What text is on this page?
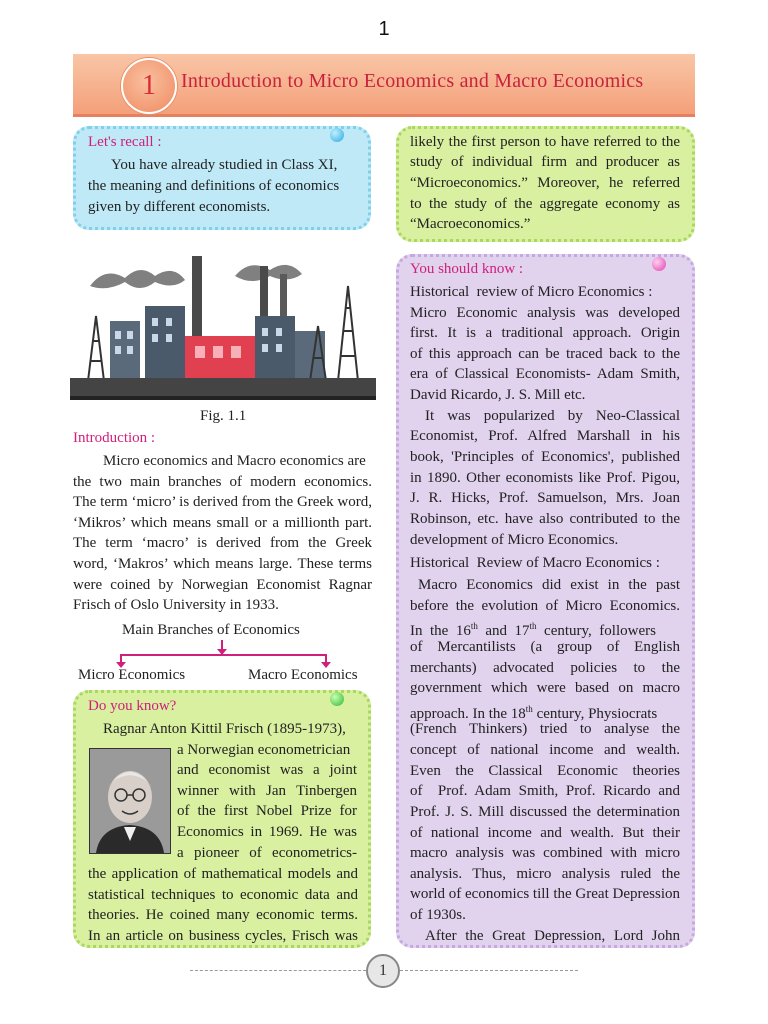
1
1	Introduction to Micro Economics and Macro Economics
Let's recall :
You have already studied in Class XI,
the meaning and definitions of economics
given by different economists.
Fig. 1.1
Introduction :
Micro economics and Macro economics are
the two main branches of modern economics.
The term ‘micro’ is derived from the Greek word,
‘Mikros’ which means small or a millionth part.
The term ‘macro’ is derived from the Greek
word, ‘Makros’ which means large. These terms
were coined by Norwegian Economist Ragnar
Frisch of Oslo University in 1933.
Main Branches of Economics
Micro Economics	Macro Economics
Do you know?
Ragnar Anton Kittil Frisch (1895-1973),
a Norwegian econometrician
and economist was a joint
winner with Jan Tinbergen
of the first Nobel Prize for
Economics in 1969. He was
a pioneer of econometrics-
the application of mathematical models and
statistical techniques to economic data and
theories. He coined many economic terms.
In an article on business cycles, Frisch was
likely the first person to have referred to the
study of individual firm and producer as
“Microeconomics.” Moreover, he referred
to the study of the aggregate economy as
“Macroeconomics.”
You should know :
Historical  review of Micro Economics :
Micro Economic analysis was developed
first. It is a traditional approach. Origin
of this approach can be traced back to the
era of Classical Economists- Adam Smith,
David Ricardo, J. S. Mill etc.
It was popularized by Neo-Classical
Economist, Prof. Alfred Marshall in his
book, 'Principles of Economics', published
in 1890. Other economists like Prof. Pigou,
J. R. Hicks, Prof. Samuelson, Mrs. Joan
Robinson, etc. have also contributed to the
development of Micro Economics.
Historical  Review of Macro Economics :
Macro Economics did exist in the past
before the evolution of Micro Economics.
In  the  16th  and  17th  century,  followers
of  Mercantilists  (a  group  of  English
merchants)  advocated  policies  to  the
government which were based on macro
approach. In the 18th century, Physiocrats
(French Thinkers) tried to analyse the
concept of national income and wealth.
Even  the  Classical  Economic  theories
of  Prof. Adam Smith, Prof. Ricardo and
Prof. J. S. Mill discussed the determination
of national income and wealth. But their
macro analysis was combined with micro
analysis. Thus, micro analysis ruled the
world of economics till the Great Depression
of 1930s.
After the Great Depression, Lord John
1
